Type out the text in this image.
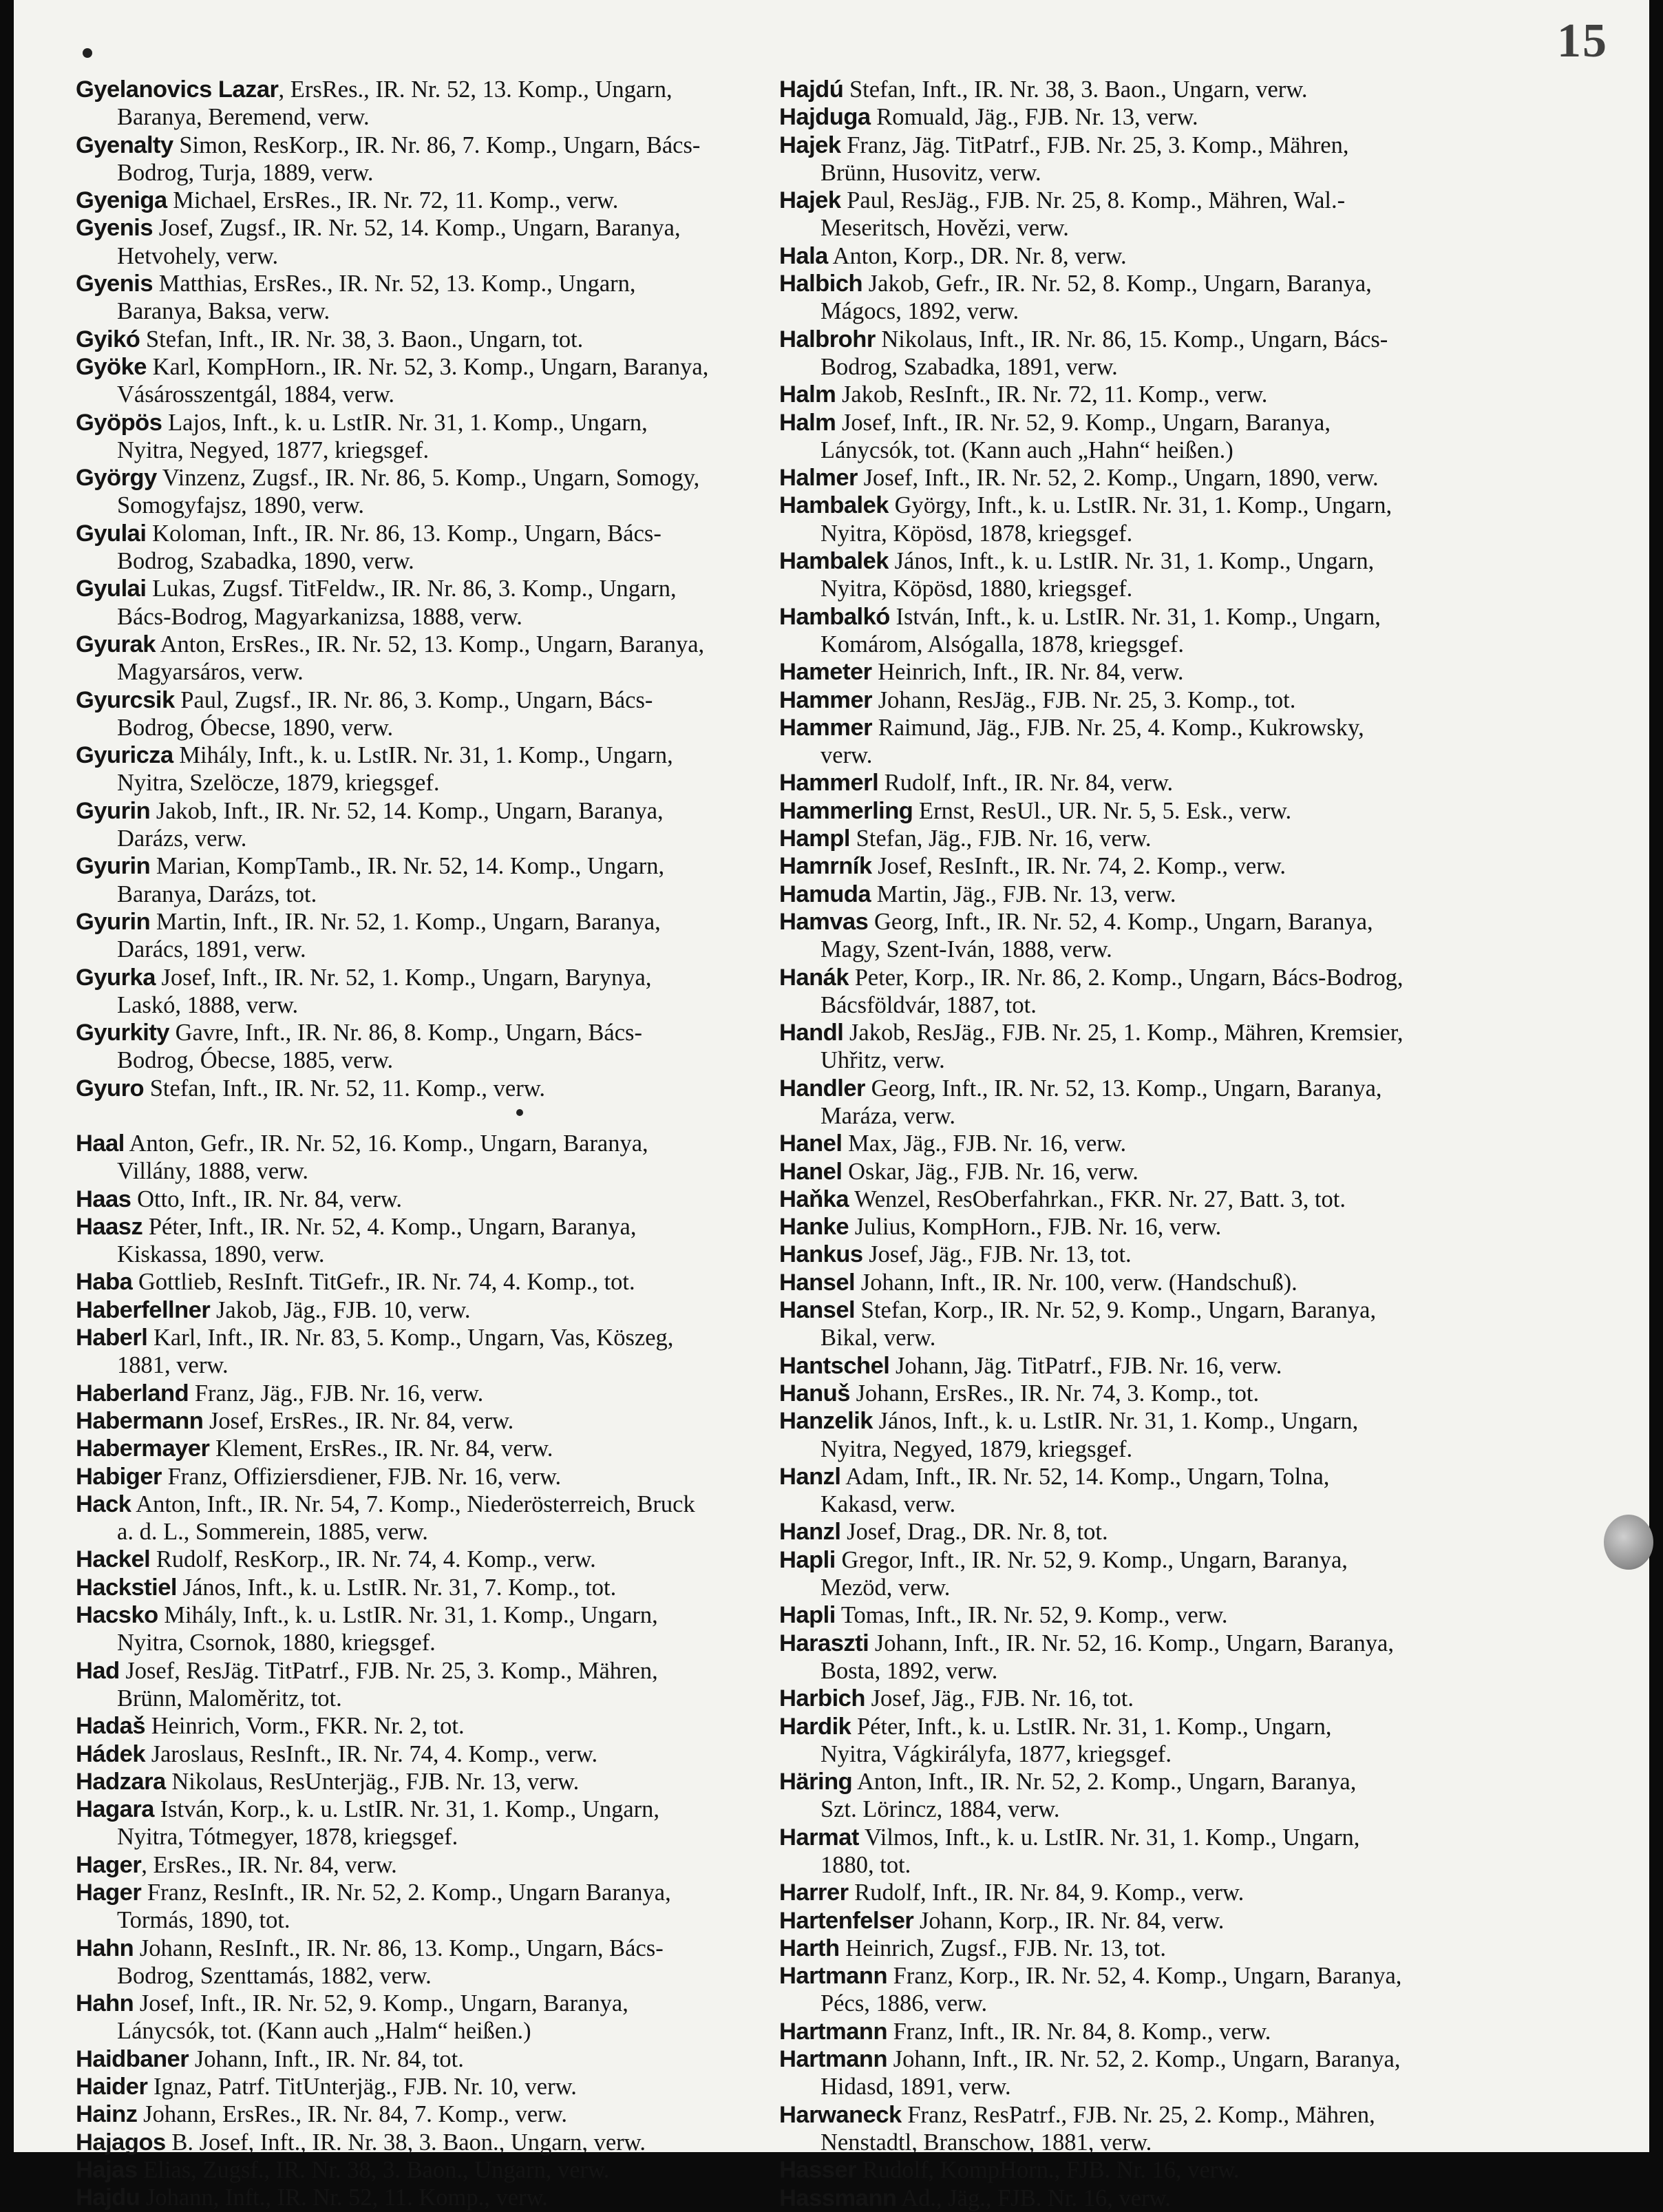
15

Gyelanovics Lazar, ErsRes., IR. Nr. 52, 13. Komp., Ungarn,
Baranya, Beremend, verw.

Gyenalty Simon, ResKorp., IR. Nr. 86, 7. Komp., Ungarn, Bács-
Bodrog, Turja, 1889, verw.

Gyeniga Michael, ErsRes., IR. Nr. 72, 11. Komp., verw.

Gyenis Josef, Zugsf., IR. Nr. 52, 14. Komp., Ungarn, Baranya,
Hetvohely, verw.

Gyenis Matthias, ErsRes., IR. Nr. 52, 13. Komp., Ungarn,
Baranya, Baksa, verw.

Gyikó Stefan, Inft., IR. Nr. 38, 3. Baon., Ungarn, tot.

Gyöke Karl, KompHorn., IR. Nr. 52, 3. Komp., Ungarn, Baranya,
Vásárosszentgál, 1884, verw.

Gyöpös Lajos, Inft., k. u. LstIR. Nr. 31, 1. Komp., Ungarn,
Nyitra, Negyed, 1877, kriegsgef.

György Vinzenz, Zugsf., IR. Nr. 86, 5. Komp., Ungarn, Somogy,
Somogyfajsz, 1890, verw.

Gyulai Koloman, Inft., IR. Nr. 86, 13. Komp., Ungarn, Bács-
Bodrog, Szabadka, 1890, verw.

Gyulai Lukas, Zugsf. TitFeldw., IR. Nr. 86, 3. Komp., Ungarn,
Bács-Bodrog, Magyarkanizsa, 1888, verw.

Gyurak Anton, ErsRes., IR. Nr. 52, 13. Komp., Ungarn, Baranya,
Magyarsáros, verw.

Gyurcsik Paul, Zugsf., IR. Nr. 86, 3. Komp., Ungarn, Bács-
Bodrog, Óbecse, 1890, verw.

Gyuricza Mihály, Inft., k. u. LstIR. Nr. 31, 1. Komp., Ungarn,
Nyitra, Szelöcze, 1879, kriegsgef.

Gyurin Jakob, Inft., IR. Nr. 52, 14. Komp., Ungarn, Baranya,
Darázs, verw.

Gyurin Marian, KompTamb., IR. Nr. 52, 14. Komp., Ungarn,
Baranya, Darázs, tot.

Gyurin Martin, Inft., IR. Nr. 52, 1. Komp., Ungarn, Baranya,
Darács, 1891, verw.

Gyurka Josef, Inft., IR. Nr. 52, 1. Komp., Ungarn, Barynya,
Laskó, 1888, verw.

Gyurkity Gavre, Inft., IR. Nr. 86, 8. Komp., Ungarn, Bács-
Bodrog, Óbecse, 1885, verw.

Gyuro Stefan, Inft., IR. Nr. 52, 11. Komp., verw.

Haal Anton, Gefr., IR. Nr. 52, 16. Komp., Ungarn, Baranya,
Villány, 1888, verw.

Haas Otto, Inft., IR. Nr. 84, verw.

Haasz Péter, Inft., IR. Nr. 52, 4. Komp., Ungarn, Baranya,
Kiskassa, 1890, verw.

Haba Gottlieb, ResInft. TitGefr., IR. Nr. 74, 4. Komp., tot.

Haberfellner Jakob, Jäg., FJB. 10, verw.

Haberl Karl, Inft., IR. Nr. 83, 5. Komp., Ungarn, Vas, Köszeg,
1881, verw.

Haberland Franz, Jäg., FJB. Nr. 16, verw.

Habermann Josef, ErsRes., IR. Nr. 84, verw.

Habermayer Klement, ErsRes., IR. Nr. 84, verw.

Habiger Franz, Offiziersdiener, FJB. Nr. 16, verw.

Hack Anton, Inft., IR. Nr. 54, 7. Komp., Niederösterreich, Bruck
a. d. L., Sommerein, 1885, verw.

Hackel Rudolf, ResKorp., IR. Nr. 74, 4. Komp., verw.

Hackstiel János, Inft., k. u. LstIR. Nr. 31, 7. Komp., tot.

Hacsko Mihály, Inft., k. u. LstIR. Nr. 31, 1. Komp., Ungarn,
Nyitra, Csornok, 1880, kriegsgef.

Had Josef, ResJäg. TitPatrf., FJB. Nr. 25, 3. Komp., Mähren,
Brünn, Maloměritz, tot.

Hadaš Heinrich, Vorm., FKR. Nr. 2, tot.

Hádek Jaroslaus, ResInft., IR. Nr. 74, 4. Komp., verw.

Hadzara Nikolaus, ResUnterjäg., FJB. Nr. 13, verw.

Hagara István, Korp., k. u. LstIR. Nr. 31, 1. Komp., Ungarn,
Nyitra, Tótmegyer, 1878, kriegsgef.

Hager, ErsRes., IR. Nr. 84, verw.

Hager Franz, ResInft., IR. Nr. 52, 2. Komp., Ungarn Baranya,
Tormás, 1890, tot.

Hahn Johann, ResInft., IR. Nr. 86, 13. Komp., Ungarn, Bács-
Bodrog, Szenttamás, 1882, verw.

Hahn Josef, Inft., IR. Nr. 52, 9. Komp., Ungarn, Baranya,
Lánycsók, tot. (Kann auch „Halm“ heißen.)

Haidbaner Johann, Inft., IR. Nr. 84, tot.

Haider Ignaz, Patrf. TitUnterjäg., FJB. Nr. 10, verw.

Hainz Johann, ErsRes., IR. Nr. 84, 7. Komp., verw.

Hajagos B. Josef, Inft., IR. Nr. 38, 3. Baon., Ungarn, verw.

Hajas Elias, Zugsf., IR. Nr. 38, 3. Baon., Ungarn, verw.

Hajdu Johann, Inft., IR. Nr. 52, 11. Komp., verw.

Hajdú Stefan, Inft., IR. Nr. 38, 3. Baon., Ungarn, verw.

Hajduga Romuald, Jäg., FJB. Nr. 13, verw.

Hajek Franz, Jäg. TitPatrf., FJB. Nr. 25, 3. Komp., Mähren,
Brünn, Husovitz, verw.

Hajek Paul, ResJäg., FJB. Nr. 25, 8. Komp., Mähren, Wal.-
Meseritsch, Hovězi, verw.

Hala Anton, Korp., DR. Nr. 8, verw.

Halbich Jakob, Gefr., IR. Nr. 52, 8. Komp., Ungarn, Baranya,
Mágocs, 1892, verw.

Halbrohr Nikolaus, Inft., IR. Nr. 86, 15. Komp., Ungarn, Bács-
Bodrog, Szabadka, 1891, verw.

Halm Jakob, ResInft., IR. Nr. 72, 11. Komp., verw.

Halm Josef, Inft., IR. Nr. 52, 9. Komp., Ungarn, Baranya,
Lánycsók, tot. (Kann auch „Hahn“ heißen.)

Halmer Josef, Inft., IR. Nr. 52, 2. Komp., Ungarn, 1890, verw.

Hambalek György, Inft., k. u. LstIR. Nr. 31, 1. Komp., Ungarn,
Nyitra, Köpösd, 1878, kriegsgef.

Hambalek János, Inft., k. u. LstIR. Nr. 31, 1. Komp., Ungarn,
Nyitra, Köpösd, 1880, kriegsgef.

Hambalkó István, Inft., k. u. LstIR. Nr. 31, 1. Komp., Ungarn,
Komárom, Alsógalla, 1878, kriegsgef.

Hameter Heinrich, Inft., IR. Nr. 84, verw.

Hammer Johann, ResJäg., FJB. Nr. 25, 3. Komp., tot.

Hammer Raimund, Jäg., FJB. Nr. 25, 4. Komp., Kukrowsky,
verw.

Hammerl Rudolf, Inft., IR. Nr. 84, verw.

Hammerling Ernst, ResUl., UR. Nr. 5, 5. Esk., verw.

Hampl Stefan, Jäg., FJB. Nr. 16, verw.

Hamrník Josef, ResInft., IR. Nr. 74, 2. Komp., verw.

Hamuda Martin, Jäg., FJB. Nr. 13, verw.

Hamvas Georg, Inft., IR. Nr. 52, 4. Komp., Ungarn, Baranya,
Magy, Szent-Iván, 1888, verw.

Hanák Peter, Korp., IR. Nr. 86, 2. Komp., Ungarn, Bács-Bodrog,
Bácsföldvár, 1887, tot.

Handl Jakob, ResJäg., FJB. Nr. 25, 1. Komp., Mähren, Kremsier,
Uhřitz, verw.

Handler Georg, Inft., IR. Nr. 52, 13. Komp., Ungarn, Baranya,
Maráza, verw.

Hanel Max, Jäg., FJB. Nr. 16, verw.

Hanel Oskar, Jäg., FJB. Nr. 16, verw.

Haňka Wenzel, ResOberfahrkan., FKR. Nr. 27, Batt. 3, tot.

Hanke Julius, KompHorn., FJB. Nr. 16, verw.

Hankus Josef, Jäg., FJB. Nr. 13, tot.

Hansel Johann, Inft., IR. Nr. 100, verw. (Handschuß).

Hansel Stefan, Korp., IR. Nr. 52, 9. Komp., Ungarn, Baranya,
Bikal, verw.

Hantschel Johann, Jäg. TitPatrf., FJB. Nr. 16, verw.

Hanuš Johann, ErsRes., IR. Nr. 74, 3. Komp., tot.

Hanzelik János, Inft., k. u. LstIR. Nr. 31, 1. Komp., Ungarn,
Nyitra, Negyed, 1879, kriegsgef.

Hanzl Adam, Inft., IR. Nr. 52, 14. Komp., Ungarn, Tolna,
Kakasd, verw.

Hanzl Josef, Drag., DR. Nr. 8, tot.

Hapli Gregor, Inft., IR. Nr. 52, 9. Komp., Ungarn, Baranya,
Mezöd, verw.

Hapli Tomas, Inft., IR. Nr. 52, 9. Komp., verw.

Haraszti Johann, Inft., IR. Nr. 52, 16. Komp., Ungarn, Baranya,
Bosta, 1892, verw.

Harbich Josef, Jäg., FJB. Nr. 16, tot.

Hardik Péter, Inft., k. u. LstIR. Nr. 31, 1. Komp., Ungarn,
Nyitra, Vágkirályfa, 1877, kriegsgef.

Häring Anton, Inft., IR. Nr. 52, 2. Komp., Ungarn, Baranya,
Szt. Lörincz, 1884, verw.

Harmat Vilmos, Inft., k. u. LstIR. Nr. 31, 1. Komp., Ungarn,
1880, tot.

Harrer Rudolf, Inft., IR. Nr. 84, 9. Komp., verw.

Hartenfelser Johann, Korp., IR. Nr. 84, verw.

Harth Heinrich, Zugsf., FJB. Nr. 13, tot.

Hartmann Franz, Korp., IR. Nr. 52, 4. Komp., Ungarn, Baranya,
Pécs, 1886, verw.

Hartmann Franz, Inft., IR. Nr. 84, 8. Komp., verw.

Hartmann Johann, Inft., IR. Nr. 52, 2. Komp., Ungarn, Baranya,
Hidasd, 1891, verw.

Harwaneck Franz, ResPatrf., FJB. Nr. 25, 2. Komp., Mähren,
Nenstadtl, Branschow, 1881, verw.

Hasser Rudolf, KompHorn., FJB. Nr. 16, verw.

Hassmann Ad., Jäg., FJB. Nr. 16, verw.
